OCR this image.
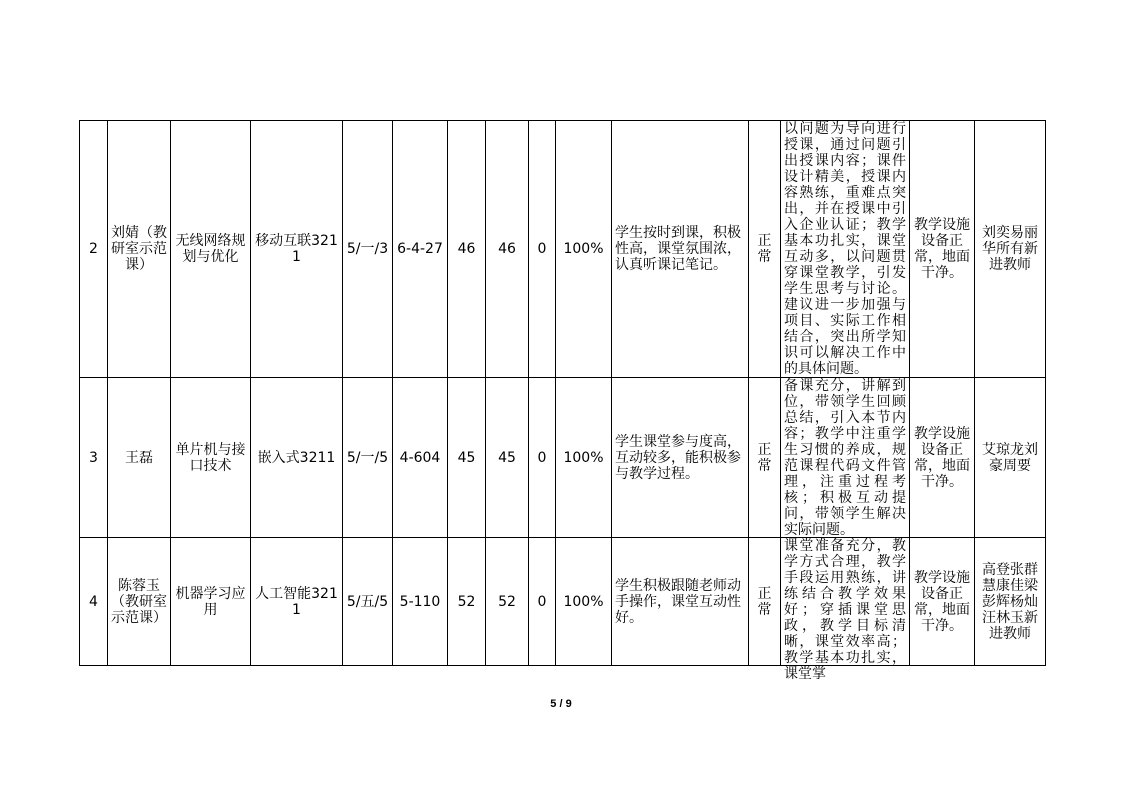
2	刘婧（教研室示范课）	无线网络规划与优化	移动互联3211	5/一/3	6-4-27	46	46	0	100%	学生按时到课，积极性高，课堂氛围浓，认真听课记笔记。	正常	以问题为导向进行授课，通过问题引出授课内容；课件设计精美，授课内容熟练，重难点突出，并在授课中引入企业认证；教学基本功扎实，课堂互动多，以问题贯穿课堂教学，引发学生思考与讨论。建议进一步加强与项目、实际工作相结合，突出所学知识可以解决工作中的具体问题。	教学设施设备正常，地面干净。	刘奕易丽华所有新进教师
3	王磊	单片机与接口技术	嵌入式3211	5/一/5	4-604	45	45	0	100%	学生课堂参与度高，互动较多，能积极参与教学过程。	正常	备课充分，讲解到位，带领学生回顾总结，引入本节内容；教学中注重学生习惯的养成，规范课程代码文件管理，注重过程考核；积极互动提问，带领学生解决实际问题。	教学设施设备正常，地面干净。	艾琼龙刘豪周要
4	陈蓉玉（教研室示范课）	机器学习应用	人工智能3211	5/五/5	5-110	52	52	0	100%	学生积极跟随老师动手操作，课堂互动性好。	正常	课堂准备充分，教学方式合理，教学手段运用熟练，讲练结合教学效果好；穿插课堂思政，教学目标清晰，课堂效率高；教学基本功扎实，课堂掌	教学设施设备正常，地面干净。	高登张群慧康佳梁彭辉杨灿汪林玉新进教师
5 / 9
